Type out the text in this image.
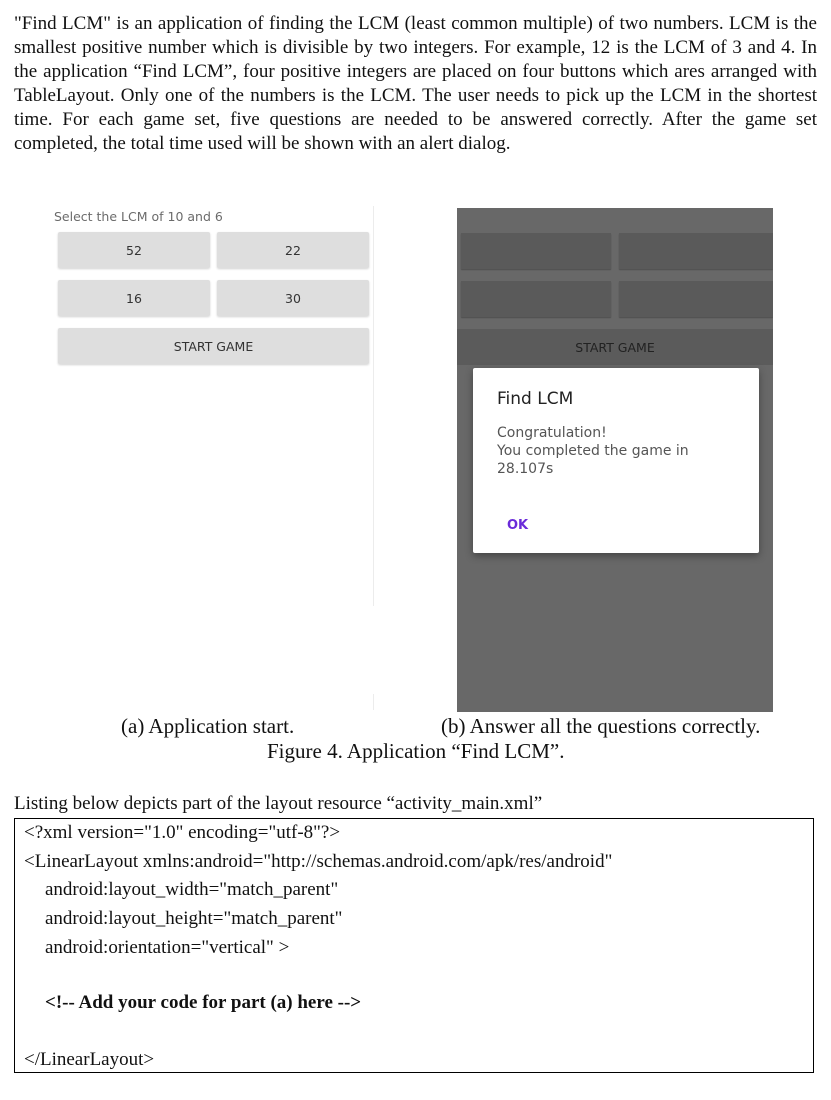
"Find LCM" is an application of finding the LCM (least common multiple) of two numbers. LCM is the smallest positive number which is divisible by two integers. For example, 12 is the LCM of 3 and 4. In the application “Find LCM”, four positive integers are placed on four buttons which ares arranged with TableLayout. Only one of the numbers is the LCM. The user needs to pick up the LCM in the shortest time. For each game set, five questions are needed to be answered correctly. After the game set completed, the total time used will be shown with an alert dialog.

Select the LCM of 10 and 6
52	22
16	30
START GAME	START GAME
Find LCM
Congratulation!
You completed the game in
28.107s
OK
(a) Application start.	(b) Answer all the questions correctly.
Figure 4. Application “Find LCM”.
Listing below depicts part of the layout resource “activity_main.xml”
<?xml version="1.0" encoding="utf-8"?>
<LinearLayout xmlns:android="http://schemas.android.com/apk/res/android"
android:layout_width="match_parent"
android:layout_height="match_parent"
android:orientation="vertical" >
<!-- Add your code for part (a) here -->
</LinearLayout>
